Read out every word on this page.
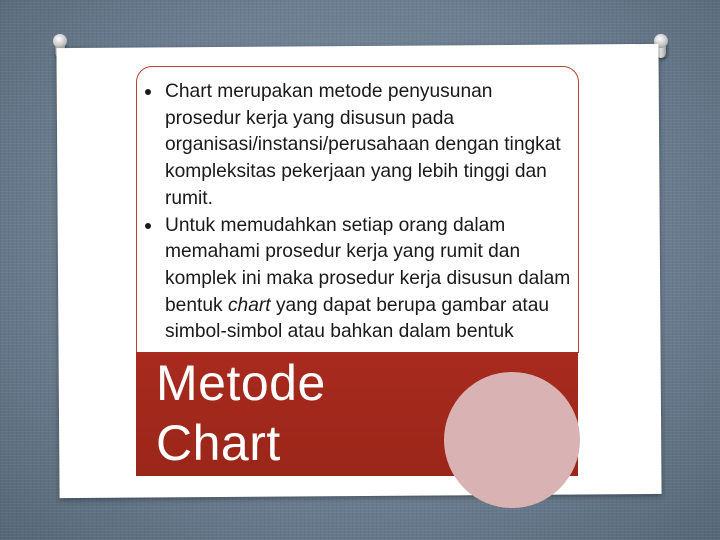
Chart merupakan metode penyusunan prosedur kerja yang disusun pada organisasi/instansi/perusahaan dengan tingkat kompleksitas pekerjaan yang lebih tinggi dan rumit.
Untuk memudahkan setiap orang dalam memahami prosedur kerja yang rumit dan komplek ini maka prosedur kerja disusun dalam bentuk chart yang dapat berupa gambar atau simbol-simbol atau bahkan dalam bentuk
Metode
Chart
